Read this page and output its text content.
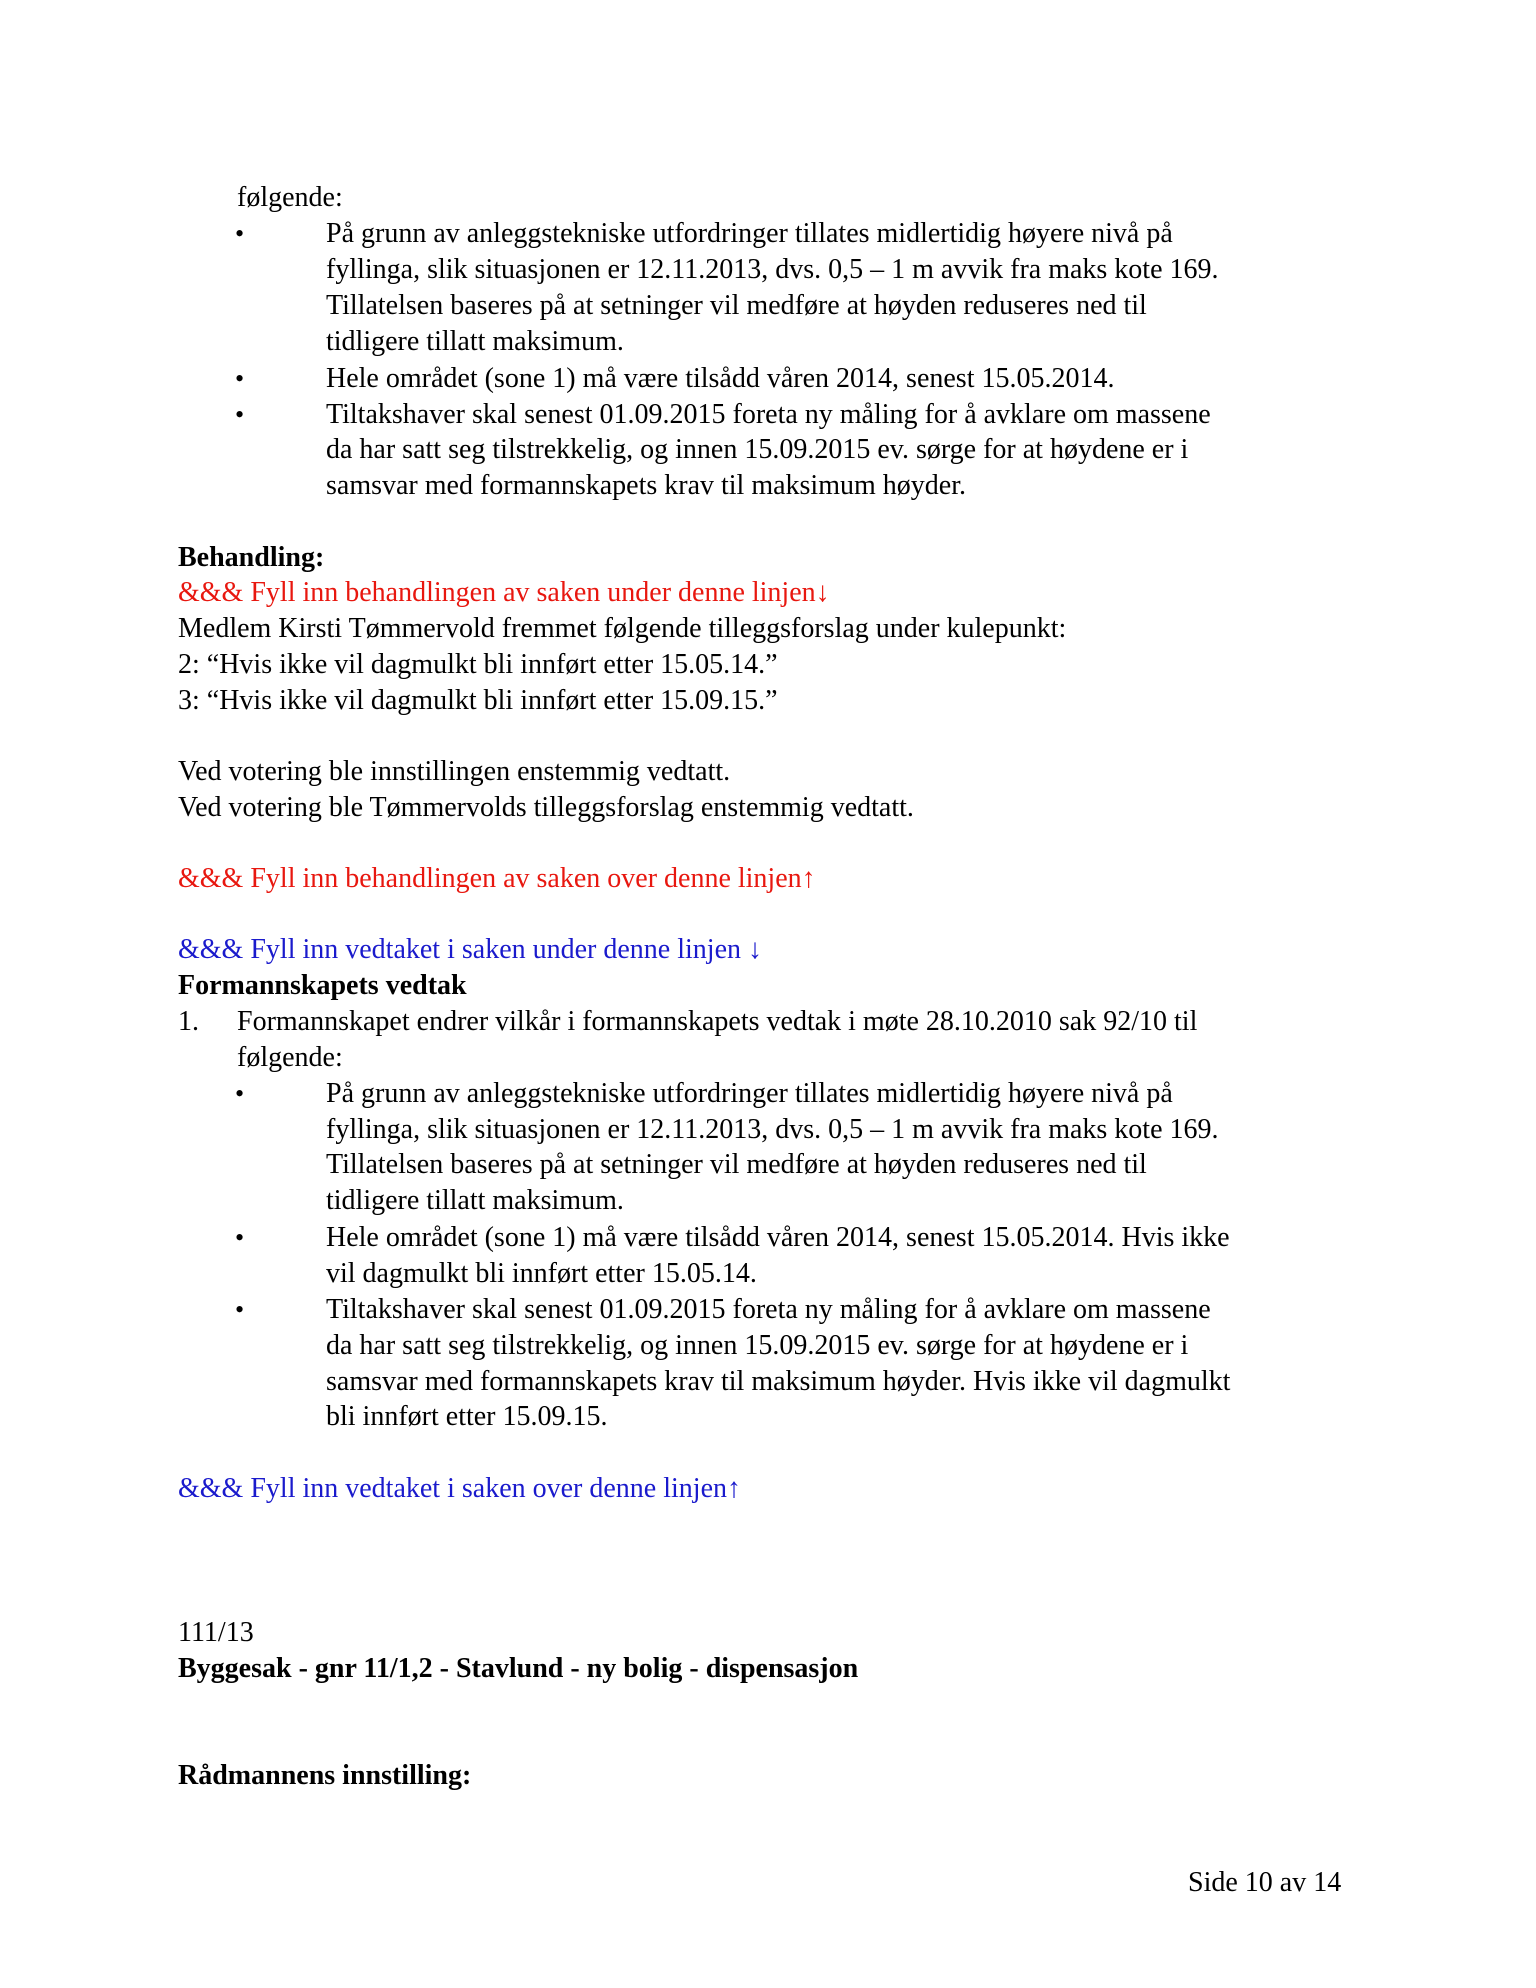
følgende:
•	På grunn av anleggstekniske utfordringer tillates midlertidig høyere nivå på
fyllinga, slik situasjonen er 12.11.2013, dvs. 0,5 – 1 m avvik fra maks kote 169.
Tillatelsen baseres på at setninger vil medføre at høyden reduseres ned til
tidligere tillatt maksimum.
•	Hele området (sone 1) må være tilsådd våren 2014, senest 15.05.2014.
•	Tiltakshaver skal senest 01.09.2015 foreta ny måling for å avklare om massene
da har satt seg tilstrekkelig, og innen 15.09.2015 ev. sørge for at høydene er i
samsvar med formannskapets krav til maksimum høyder.
Behandling:
&&& Fyll inn behandlingen av saken under denne linjen↓
Medlem Kirsti Tømmervold fremmet følgende tilleggsforslag under kulepunkt:
2: “Hvis ikke vil dagmulkt bli innført etter 15.05.14.”
3: “Hvis ikke vil dagmulkt bli innført etter 15.09.15.”
Ved votering ble innstillingen enstemmig vedtatt.
Ved votering ble Tømmervolds tilleggsforslag enstemmig vedtatt.
&&& Fyll inn behandlingen av saken over denne linjen↑
&&& Fyll inn vedtaket i saken under denne linjen ↓
Formannskapets vedtak
1. Formannskapet endrer vilkår i formannskapets vedtak i møte 28.10.2010 sak 92/10 til
følgende:
•	På grunn av anleggstekniske utfordringer tillates midlertidig høyere nivå på
fyllinga, slik situasjonen er 12.11.2013, dvs. 0,5 – 1 m avvik fra maks kote 169.
Tillatelsen baseres på at setninger vil medføre at høyden reduseres ned til
tidligere tillatt maksimum.
•	Hele området (sone 1) må være tilsådd våren 2014, senest 15.05.2014. Hvis ikke
vil dagmulkt bli innført etter 15.05.14.
•	Tiltakshaver skal senest 01.09.2015 foreta ny måling for å avklare om massene
da har satt seg tilstrekkelig, og innen 15.09.2015 ev. sørge for at høydene er i
samsvar med formannskapets krav til maksimum høyder. Hvis ikke vil dagmulkt
bli innført etter 15.09.15.
&&& Fyll inn vedtaket i saken over denne linjen↑
111/13
Byggesak - gnr 11/1,2 - Stavlund - ny bolig - dispensasjon
Rådmannens innstilling:
Side 10 av 14
